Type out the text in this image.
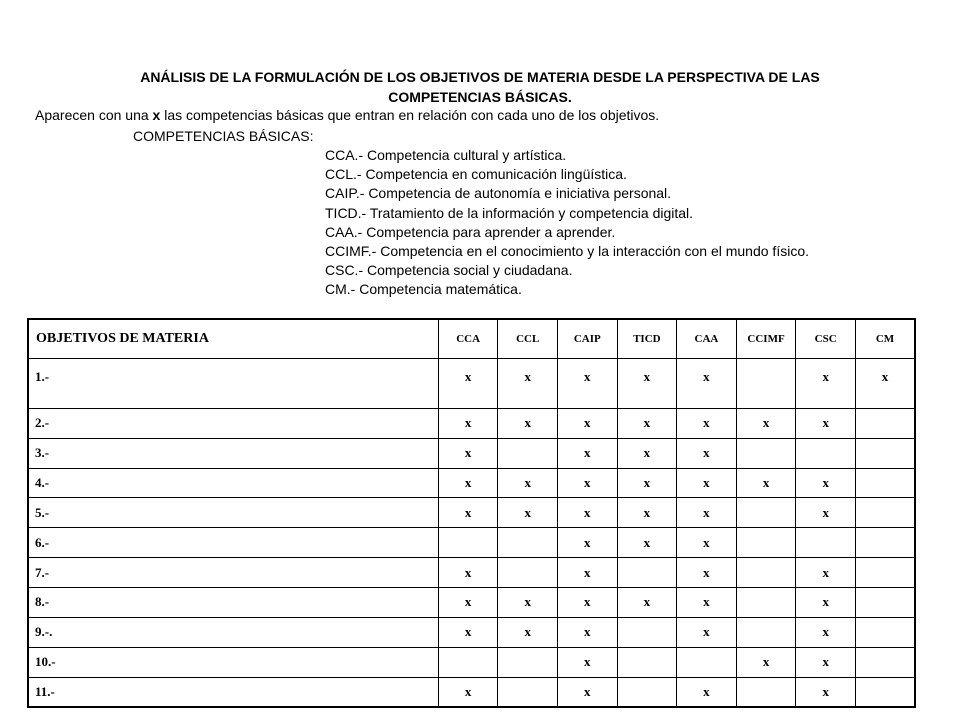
ANÁLISIS DE LA FORMULACIÓN DE LOS OBJETIVOS DE MATERIA DESDE LA PERSPECTIVA DE LAS
COMPETENCIAS BÁSICAS.
Aparecen con una x las competencias básicas que entran en relación con cada uno de los objetivos.
COMPETENCIAS BÁSICAS:
CCA.- Competencia cultural y artística.
CCL.- Competencia en comunicación lingüística.
CAIP.- Competencia de autonomía e iniciativa personal.
TICD.- Tratamiento de la información y competencia digital.
CAA.- Competencia para aprender a aprender.
CCIMF.- Competencia en el conocimiento y la interacción con el mundo físico.
CSC.- Competencia social y ciudadana.
CM.- Competencia matemática.
OBJETIVOS DE MATERIA	CCA	CCL	CAIP	TICD	CAA	CCIMF	CSC	CM
1.-	x	x	x	x	x		x	x
2.-	x	x	x	x	x	x	x	
3.-	x		x	x	x			
4.-	x	x	x	x	x	x	x	
5.-	x	x	x	x	x		x	
6.-			x	x	x			
7.-	x		x		x		x	
8.-	x	x	x	x	x		x	
9.-.	x	x	x		x		x	
10.-			x			x	x	
11.-	x		x		x		x	
